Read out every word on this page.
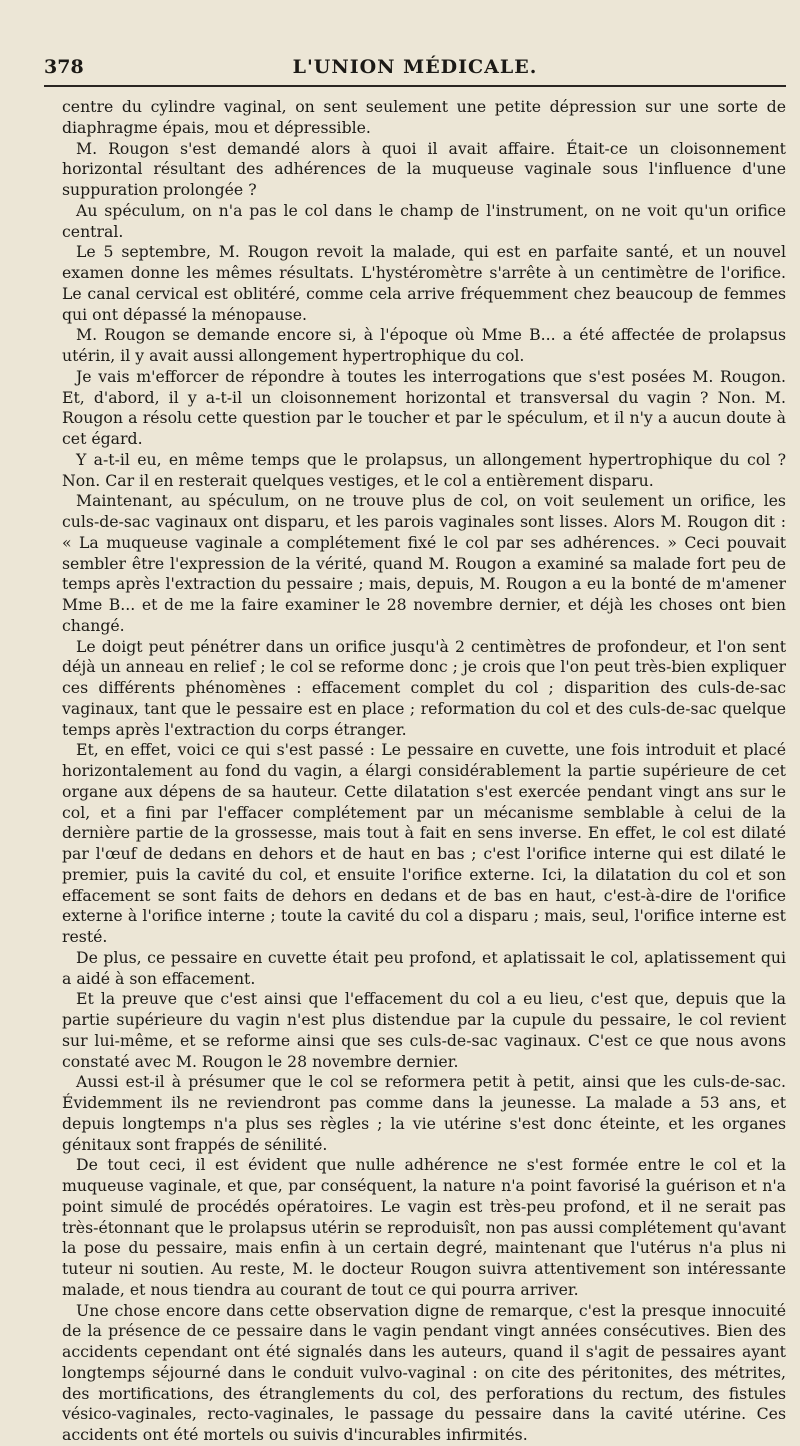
378	L'UNION MÉDICALE.

centre du cylindre vaginal, on sent seulement une petite dépression sur une sorte de diaphragme épais, mou et dépressible.

M. Rougon s'est demandé alors à quoi il avait affaire. Était-ce un cloisonnement horizontal résultant des adhérences de la muqueuse vaginale sous l'influence d'une suppuration prolongée ?

Au spéculum, on n'a pas le col dans le champ de l'instrument, on ne voit qu'un orifice central.

Le 5 septembre, M. Rougon revoit la malade, qui est en parfaite santé, et un nouvel examen donne les mêmes résultats. L'hystéromètre s'arrête à un centimètre de l'orifice. Le canal cervical est oblitéré, comme cela arrive fréquemment chez beaucoup de femmes qui ont dépassé la ménopause.

M. Rougon se demande encore si, à l'époque où Mme B... a été affectée de prolapsus utérin, il y avait aussi allongement hypertrophique du col.

Je vais m'efforcer de répondre à toutes les interrogations que s'est posées M. Rougon. Et, d'abord, il y a-t-il un cloisonnement horizontal et transversal du vagin ? Non. M. Rougon a résolu cette question par le toucher et par le spéculum, et il n'y a aucun doute à cet égard.

Y a-t-il eu, en même temps que le prolapsus, un allongement hypertrophique du col ? Non. Car il en resterait quelques vestiges, et le col a entièrement disparu.

Maintenant, au spéculum, on ne trouve plus de col, on voit seulement un orifice, les culs-de-sac vaginaux ont disparu, et les parois vaginales sont lisses. Alors M. Rougon dit : « La muqueuse vaginale a complétement fixé le col par ses adhérences. » Ceci pouvait sembler être l'expression de la vérité, quand M. Rougon a examiné sa malade fort peu de temps après l'extraction du pessaire ; mais, depuis, M. Rougon a eu la bonté de m'amener Mme B... et de me la faire examiner le 28 novembre dernier, et déjà les choses ont bien changé.

Le doigt peut pénétrer dans un orifice jusqu'à 2 centimètres de profondeur, et l'on sent déjà un anneau en relief ; le col se reforme donc ; je crois que l'on peut très-bien expliquer ces différents phénomènes : effacement complet du col ; disparition des culs-de-sac vaginaux, tant que le pessaire est en place ; reformation du col et des culs-de-sac quelque temps après l'extraction du corps étranger.

Et, en effet, voici ce qui s'est passé : Le pessaire en cuvette, une fois introduit et placé horizontalement au fond du vagin, a élargi considérablement la partie supérieure de cet organe aux dépens de sa hauteur. Cette dilatation s'est exercée pendant vingt ans sur le col, et a fini par l'effacer complétement par un mécanisme semblable à celui de la dernière partie de la grossesse, mais tout à fait en sens inverse. En effet, le col est dilaté par l'œuf de dedans en dehors et de haut en bas ; c'est l'orifice interne qui est dilaté le premier, puis la cavité du col, et ensuite l'orifice externe. Ici, la dilatation du col et son effacement se sont faits de dehors en dedans et de bas en haut, c'est-à-dire de l'orifice externe à l'orifice interne ; toute la cavité du col a disparu ; mais, seul, l'orifice interne est resté.

De plus, ce pessaire en cuvette était peu profond, et aplatissait le col, aplatissement qui a aidé à son effacement.

Et la preuve que c'est ainsi que l'effacement du col a eu lieu, c'est que, depuis que la partie supérieure du vagin n'est plus distendue par la cupule du pessaire, le col revient sur lui-même, et se reforme ainsi que ses culs-de-sac vaginaux. C'est ce que nous avons constaté avec M. Rougon le 28 novembre dernier.

Aussi est-il à présumer que le col se reformera petit à petit, ainsi que les culs-de-sac. Évidemment ils ne reviendront pas comme dans la jeunesse. La malade a 53 ans, et depuis longtemps n'a plus ses règles ; la vie utérine s'est donc éteinte, et les organes génitaux sont frappés de sénilité.

De tout ceci, il est évident que nulle adhérence ne s'est formée entre le col et la muqueuse vaginale, et que, par conséquent, la nature n'a point favorisé la guérison et n'a point simulé de procédés opératoires. Le vagin est très-peu profond, et il ne serait pas très-étonnant que le prolapsus utérin se reproduisît, non pas aussi complétement qu'avant la pose du pessaire, mais enfin à un certain degré, maintenant que l'utérus n'a plus ni tuteur ni soutien. Au reste, M. le docteur Rougon suivra attentivement son intéressante malade, et nous tiendra au courant de tout ce qui pourra arriver.

Une chose encore dans cette observation digne de remarque, c'est la presque innocuité de la présence de ce pessaire dans le vagin pendant vingt années consécutives. Bien des accidents cependant ont été signalés dans les auteurs, quand il s'agit de pessaires ayant longtemps séjourné dans le conduit vulvo-vaginal : on cite des péritonites, des métrites, des mortifications, des étranglements du col, des perforations du rectum, des fistules vésico-vaginales, recto-vaginales, le passage du pessaire dans la cavité utérine. Ces accidents ont été mortels ou suivis d'incurables infirmités.
